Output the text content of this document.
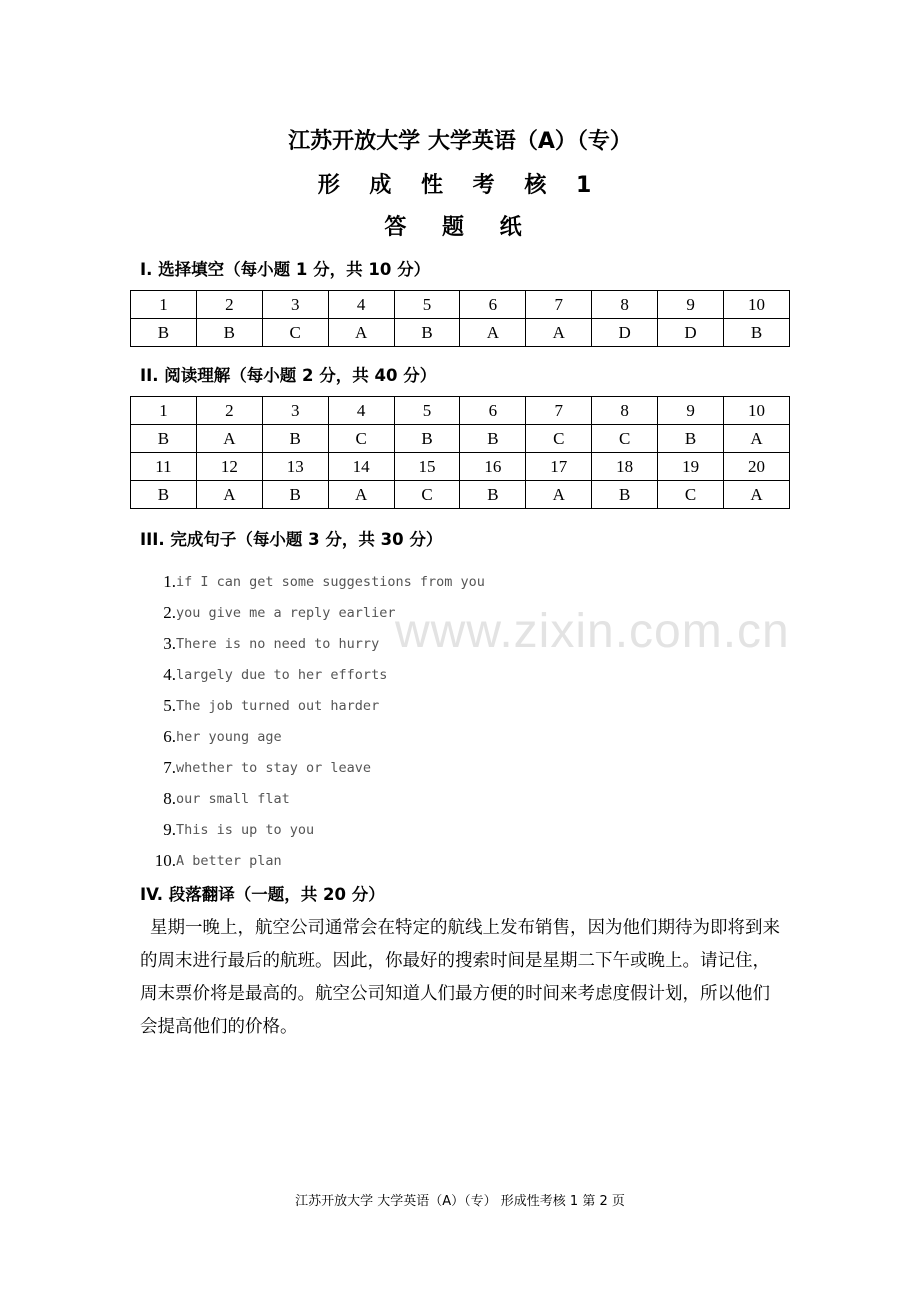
江苏开放大学 大学英语（A）（专）
形 成 性 考 核 1
答 题 纸
I. 选择填空（每小题 1 分，共 10 分）
1	2	3	4	5	6	7	8	9	10
B	B	C	A	B	A	A	D	D	B
II. 阅读理解（每小题 2 分，共 40 分）
1	2	3	4	5	6	7	8	9	10
B	A	B	C	B	B	C	C	B	A
11	12	13	14	15	16	17	18	19	20
B	A	B	A	C	B	A	B	C	A
III. 完成句子（每小题 3 分，共 30 分）
1. if I can get some suggestions from you
2. you give me a reply earlier
3. There is no need to hurry
4. largely due to her efforts
5. The job turned out harder
6. her young age
7. whether to stay or leave
8. our small flat
9. This is up to you
10. A better plan
www.zixin.com.cn
IV. 段落翻译（一题，共 20 分）
星期一晚上，航空公司通常会在特定的航线上发布销售，因为他们期待为即将到来的周末进行最后的航班。因此，你最好的搜索时间是星期二下午或晚上。请记住，周末票价将是最高的。航空公司知道人们最方便的时间来考虑度假计划，所以他们会提高他们的价格。
江苏开放大学 大学英语（A）（专） 形成性考核 1 第 2 页
